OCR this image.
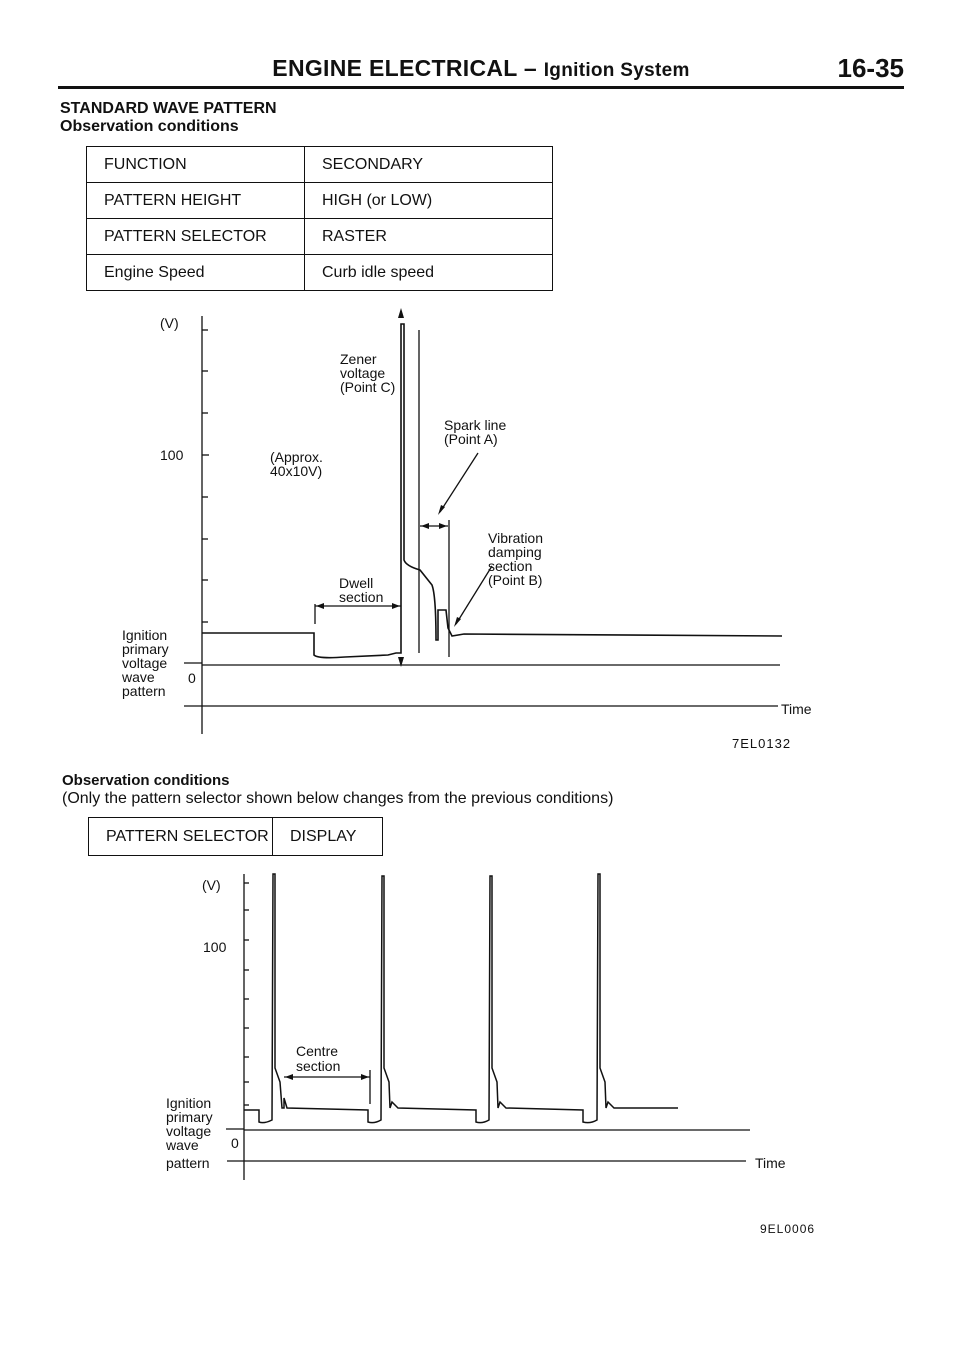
ENGINE ELECTRICAL – Ignition System	16-35
STANDARD WAVE PATTERN
Observation conditions
FUNCTION	SECONDARY
PATTERN HEIGHT	HIGH (or LOW)
PATTERN SELECTOR	RASTER
Engine Speed	Curb idle speed
(V)
100
0
Ignition
primary
voltage
wave
pattern
Time
Zener
voltage
(Point C)
(Approx.
40x10V)
Spark line
(Point A)
Vibration
damping
section
(Point B)
Dwell
section
7EL0132
Observation conditions
(Only the pattern selector shown below changes from the previous conditions)
PATTERN SELECTOR	DISPLAY
(V)
100
0
Ignition
primary
voltage
wave
pattern	Time
Centre
section
9EL0006
